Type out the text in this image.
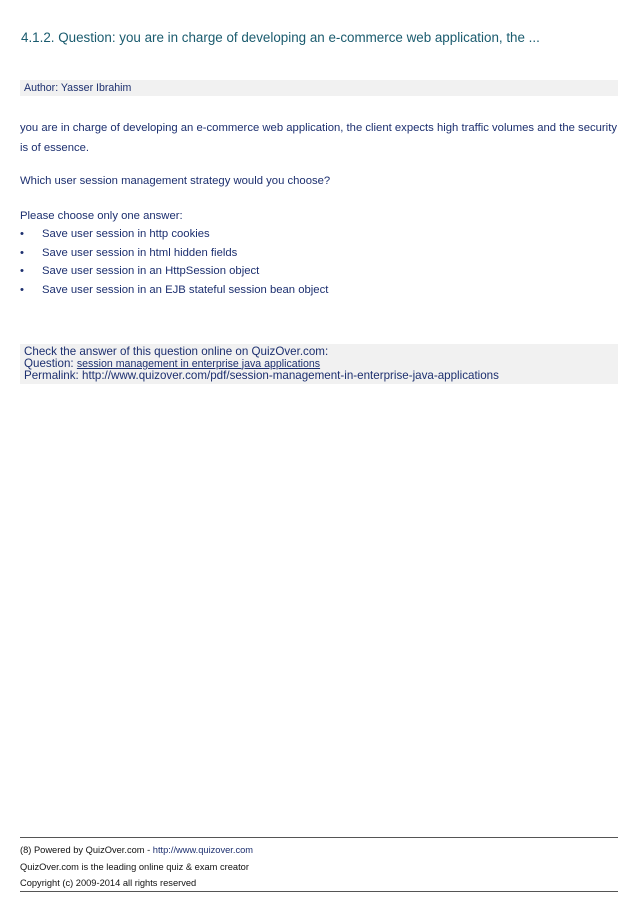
4.1.2. Question: you are in charge of developing an e-commerce web application, the ...
Author: Yasser Ibrahim
you are in charge of developing an e-commerce web application, the client expects high traffic volumes and the security is of essence.
Which user session management strategy would you choose?
Please choose only one answer:
• Save user session in http cookies
• Save user session in html hidden fields
• Save user session in an HttpSession object
• Save user session in an EJB stateful session bean object
Check the answer of this question online on QuizOver.com:
Question: session management in enterprise java applications
Permalink: http://www.quizover.com/pdf/session-management-in-enterprise-java-applications
(8) Powered by QuizOver.com - http://www.quizover.com
QuizOver.com is the leading online quiz & exam creator
Copyright (c) 2009-2014 all rights reserved
